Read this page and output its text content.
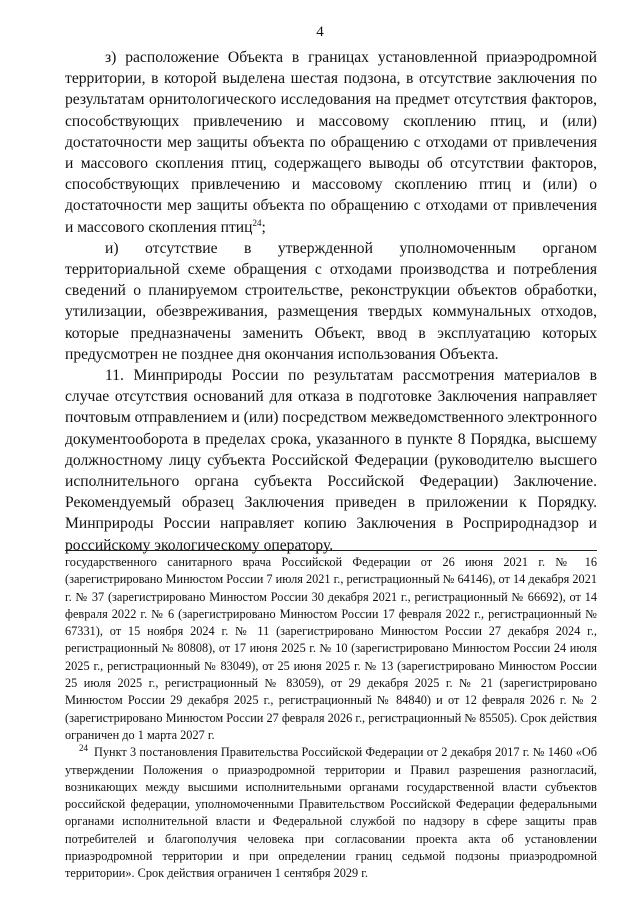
4

з) расположение Объекта в границах установленной приаэродромной территории, в которой выделена шестая подзона, в отсутствие заключения по результатам орнитологического исследования на предмет отсутствия факторов, способствующих привлечению и массовому скоплению птиц, и (или) достаточности мер защиты объекта по обращению с отходами от привлечения и массового скопления птиц, содержащего выводы об отсутствии факторов, способствующих привлечению и массовому скоплению птиц и (или) о достаточности мер защиты объекта по обращению с отходами от привлечения и массового скопления птиц$^{24}$;

и) отсутствие в утвержденной уполномоченным органом территориальной схеме обращения с отходами производства и потребления сведений о планируемом строительстве, реконструкции объектов обработки, утилизации, обезвреживания, размещения твердых коммунальных отходов, которые предназначены заменить Объект, ввод в эксплуатацию которых предусмотрен не позднее дня окончания использования Объекта.

11. Минприроды России по результатам рассмотрения материалов в случае отсутствия оснований для отказа в подготовке Заключения направляет почтовым отправлением и (или) посредством межведомственного электронного документооборота в пределах срока, указанного в пункте 8 Порядка, высшему должностному лицу субъекта Российской Федерации (руководителю высшего исполнительного органа субъекта Российской Федерации) Заключение. Рекомендуемый образец Заключения приведен в приложении к Порядку. Минприроды России направляет копию Заключения в Росприроднадзор и российскому экологическому оператору.

государственного санитарного врача Российской Федерации от 26 июня 2021 г. № 16 (зарегистрировано Минюстом России 7 июля 2021 г., регистрационный № 64146), от 14 декабря 2021 г. № 37 (зарегистрировано Минюстом России 30 декабря 2021 г., регистрационный № 66692), от 14 февраля 2022 г. № 6 (зарегистрировано Минюстом России 17 февраля 2022 г., регистрационный № 67331), от 15 ноября 2024 г. № 11 (зарегистрировано Минюстом России 27 декабря 2024 г., регистрационный № 80808), от 17 июня 2025 г. № 10 (зарегистрировано Минюстом России 24 июля 2025 г., регистрационный № 83049), от 25 июня 2025 г. № 13 (зарегистрировано Минюстом России 25 июля 2025 г., регистрационный № 83059), от 29 декабря 2025 г. № 21 (зарегистрировано Минюстом России 29 декабря 2025 г., регистрационный № 84840) и от 12 февраля 2026 г. № 2 (зарегистрировано Минюстом России 27 февраля 2026 г., регистрационный № 85505). Срок действия ограничен до 1 марта 2027 г.

$^{24}$ Пункт 3 постановления Правительства Российской Федерации от 2 декабря 2017 г. № 1460 «Об утверждении Положения о приаэродромной территории и Правил разрешения разногласий, возникающих между высшими исполнительными органами государственной власти субъектов российской федерации, уполномоченными Правительством Российской Федерации федеральными органами исполнительной власти и Федеральной службой по надзору в сфере защиты прав потребителей и благополучия человека при согласовании проекта акта об установлении приаэродромной территории и при определении границ седьмой подзоны приаэродромной территории». Срок действия ограничен 1 сентября 2029 г.
